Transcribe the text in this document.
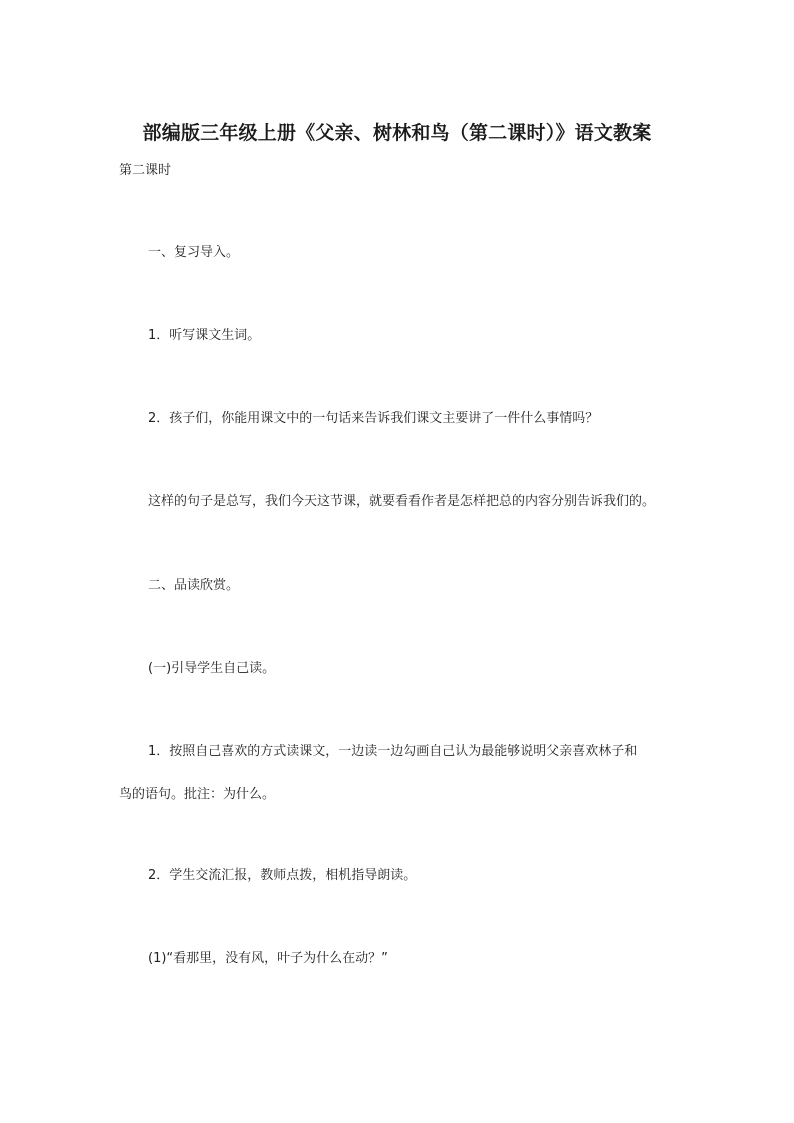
部编版三年级上册《父亲、树林和鸟（第二课时）》语文教案
第二课时
一、复习导入。
1．听写课文生词。
2．孩子们，你能用课文中的一句话来告诉我们课文主要讲了一件什么事情吗？
这样的句子是总写，我们今天这节课，就要看看作者是怎样把总的内容分别告诉我们的。
二、品读欣赏。
(一)引导学生自己读。
1．按照自己喜欢的方式读课文，一边读一边勾画自己认为最能够说明父亲喜欢林子和
鸟的语句。批注：为什么。
2．学生交流汇报，教师点拨，相机指导朗读。
(1)“看那里，没有风，叶子为什么在动？”
